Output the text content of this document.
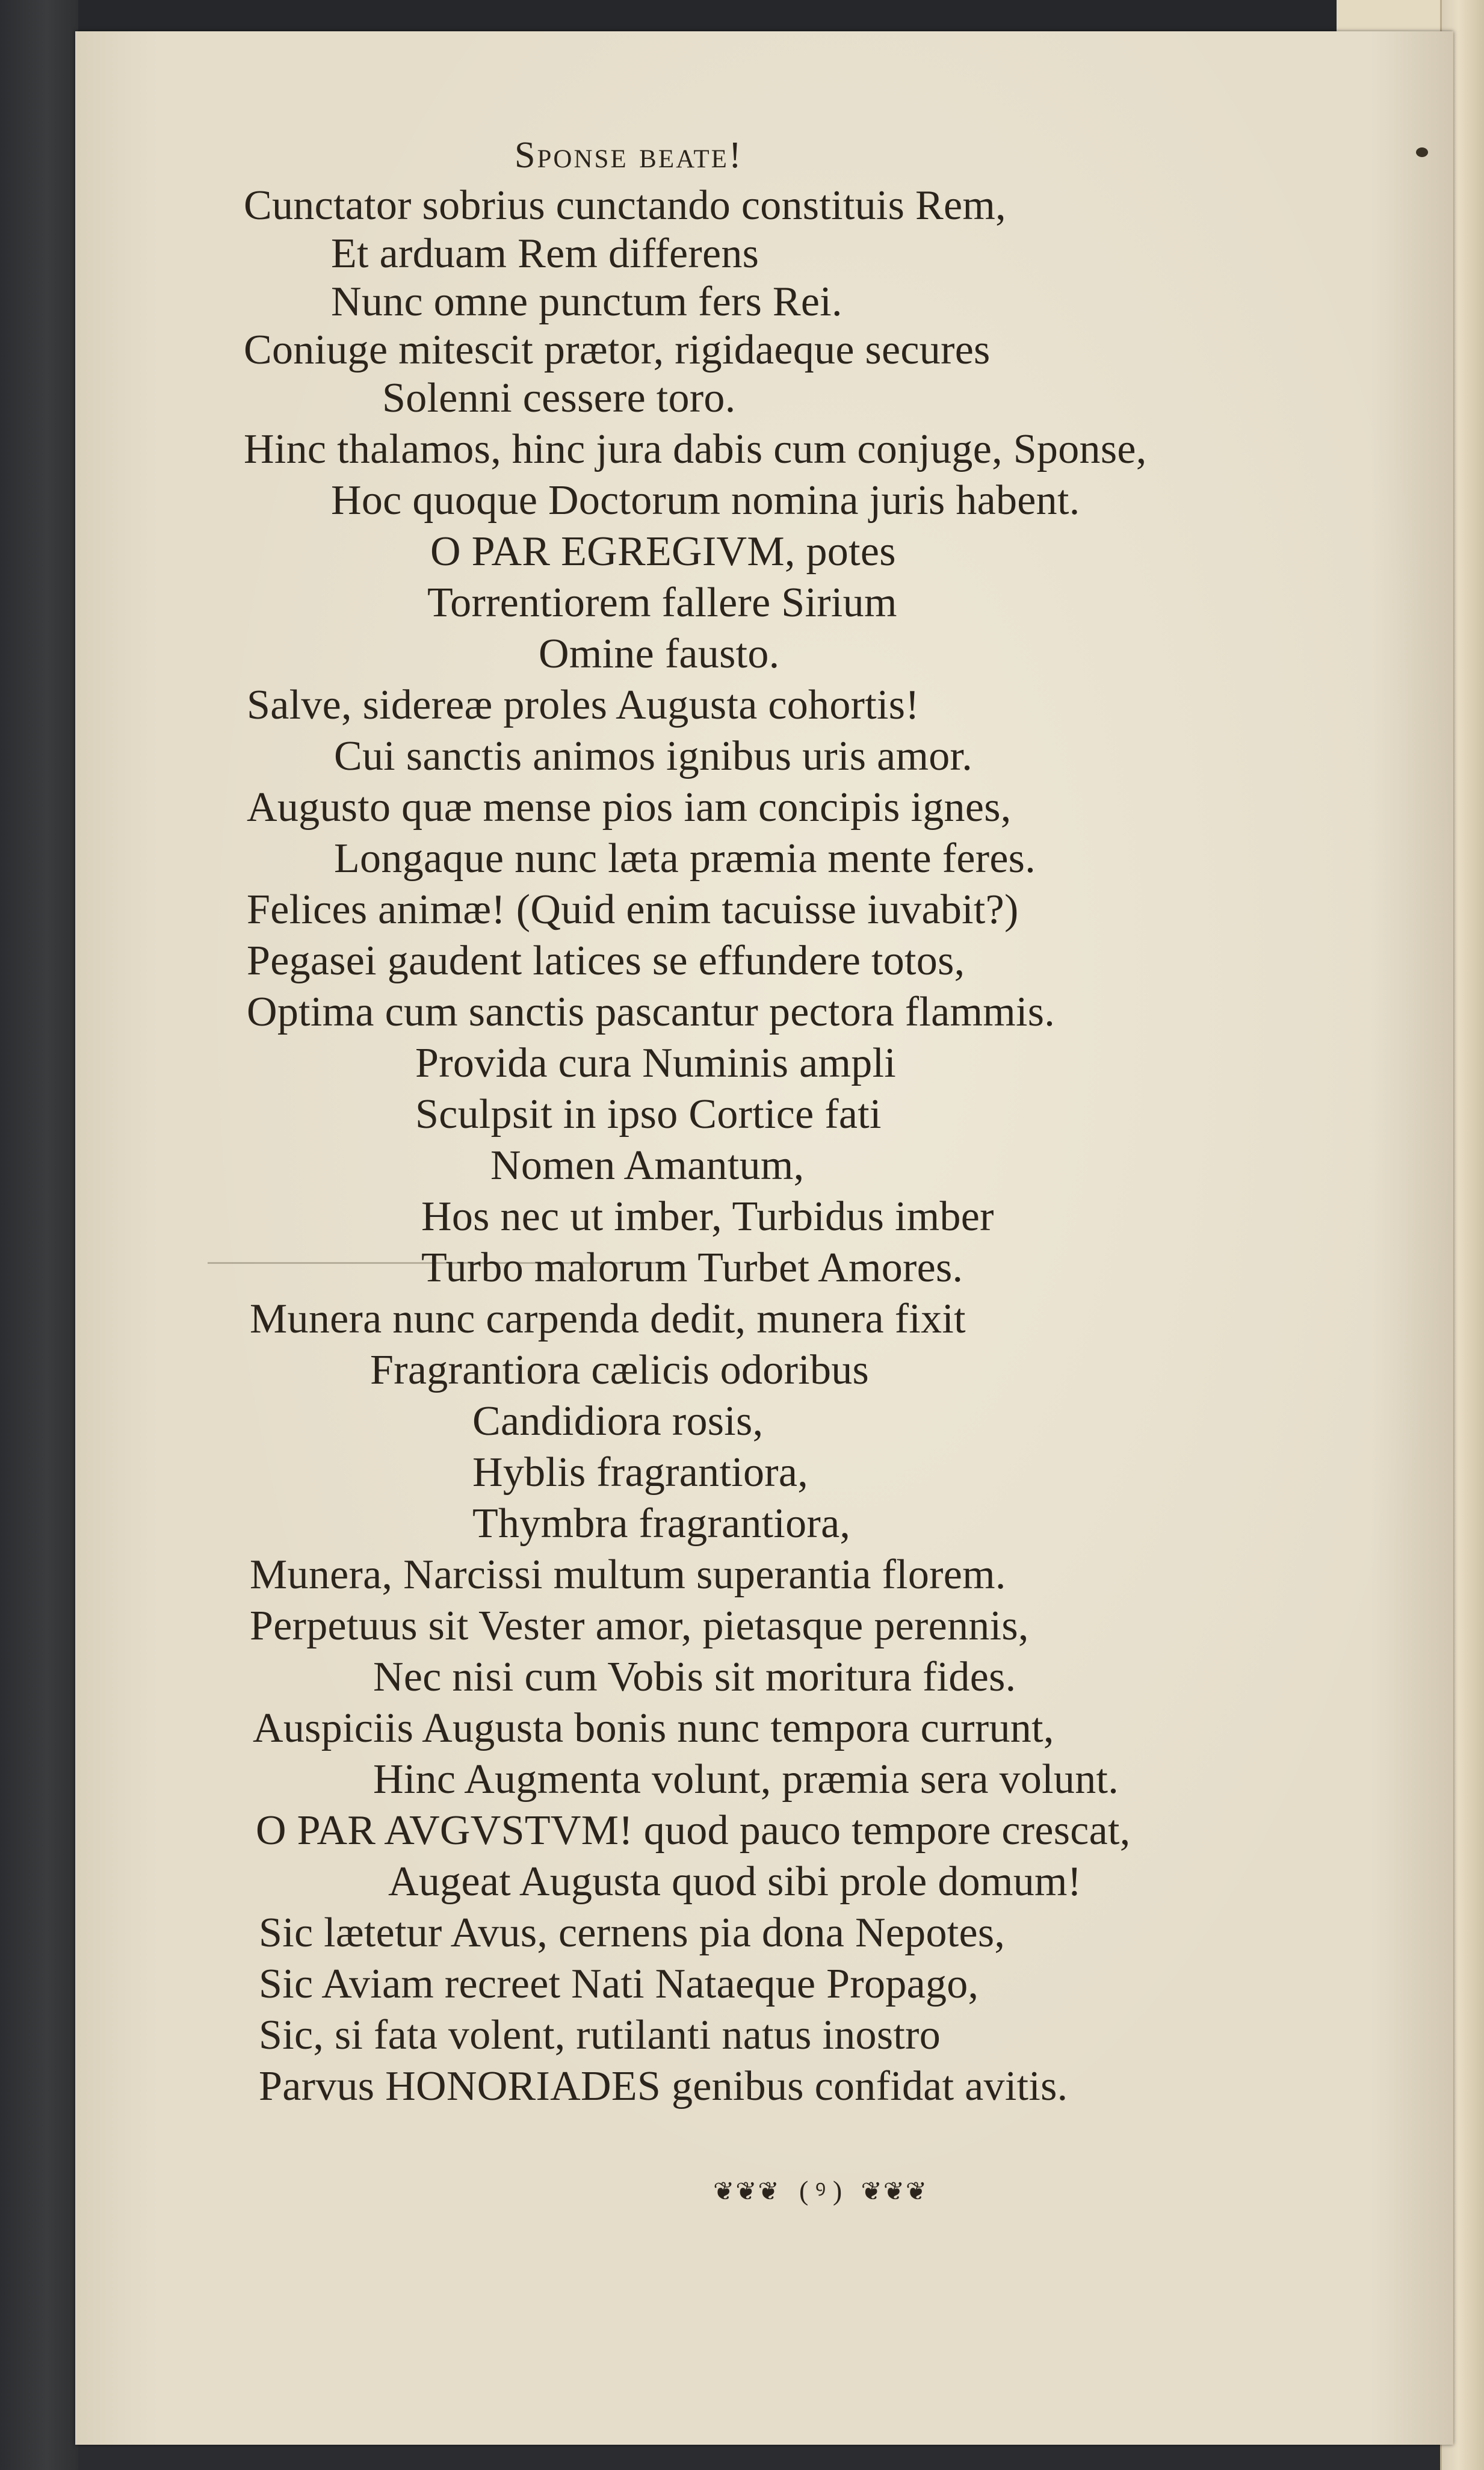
Sponse beate!
Cunctator sobrius cunctando constituis Rem,
Et arduam Rem differens
Nunc omne punctum fers Rei.
Coniuge mitescit prætor, rigidaeque secures
Solenni cessere toro.
Hinc thalamos, hinc jura dabis cum conjuge, Sponse,
Hoc quoque Doctorum nomina juris habent.
O PAR EGREGIVM, potes
Torrentiorem fallere Sirium
Omine fausto.
Salve, sidereæ proles Augusta cohortis!
Cui sanctis animos ignibus uris amor.
Augusto quæ mense pios iam concipis ignes,
Longaque nunc læta præmia mente feres.
Felices animæ! (Quid enim tacuisse iuvabit?)
Pegasei gaudent latices se effundere totos,
Optima cum sanctis pascantur pectora flammis.
Provida cura Numinis ampli
Sculpsit in ipso Cortice fati
Nomen Amantum,
Hos nec ut imber, Turbidus imber
Turbo malorum Turbet Amores.
Munera nunc carpenda dedit, munera fixit
Fragrantiora cælicis odoribus
Candidiora rosis,
Hyblis fragrantiora,
Thymbra fragrantiora,
Munera, Narcissi multum superantia florem.
Perpetuus sit Vester amor, pietasque perennis,
Nec nisi cum Vobis sit moritura fides.
Auspiciis Augusta bonis nunc tempora currunt,
Hinc Augmenta volunt, præmia sera volunt.
O PAR AVGVSTVM! quod pauco tempore crescat,
Augeat Augusta quod sibi prole domum!
Sic lætetur Avus, cernens pia dona Nepotes,
Sic Aviam recreet Nati Nataeque Propago,
Sic, si fata volent, rutilanti natus inostro
Parvus HONORIADES genibus confidat avitis.
❦❦❦ ( ꝰ ) ❦❦❦
